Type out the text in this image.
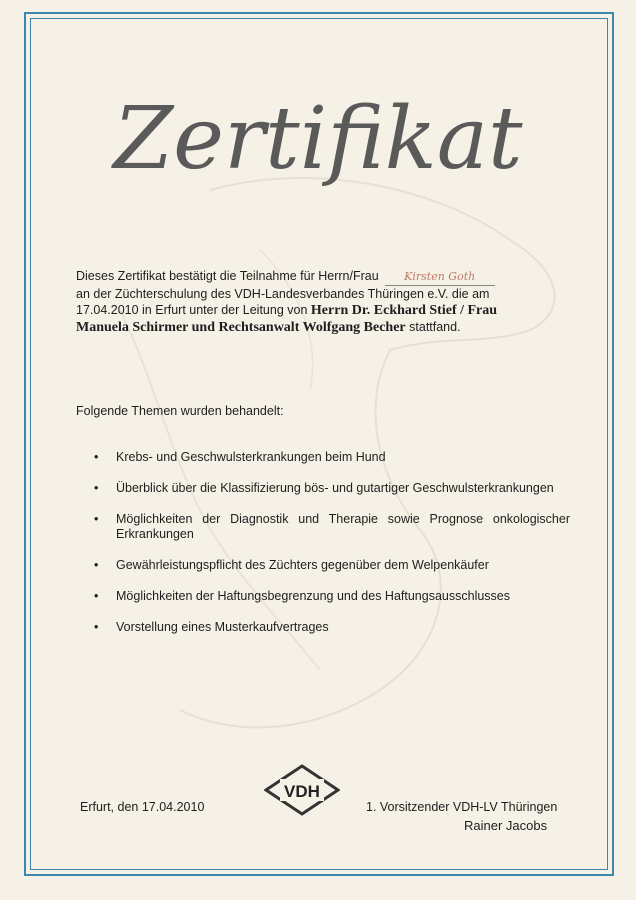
Zertifikat
Dieses Zertifikat bestätigt die Teilnahme für Herrn/Frau Kirsten Goth
an der Züchterschulung des VDH-Landesverbandes Thüringen e.V. die am
17.04.2010 in Erfurt unter der Leitung von Herrn Dr. Eckhard Stief / Frau
Manuela Schirmer und Rechtsanwalt Wolfgang Becher stattfand.
Folgende Themen wurden behandelt:
• Krebs- und Geschwulsterkrankungen beim Hund
• Überblick über die Klassifizierung bös- und gutartiger Geschwulsterkrankungen
• Möglichkeiten der Diagnostik und Therapie sowie Prognose onkologischer Erkrankungen
• Gewährleistungspflicht des Züchters gegenüber dem Welpenkäufer
• Möglichkeiten der Haftungsbegrenzung und des Haftungsausschlusses
• Vorstellung eines Musterkaufvertrages
VDH
Erfurt, den 17.04.2010	1. Vorsitzender VDH-LV Thüringen
Rainer Jacobs
